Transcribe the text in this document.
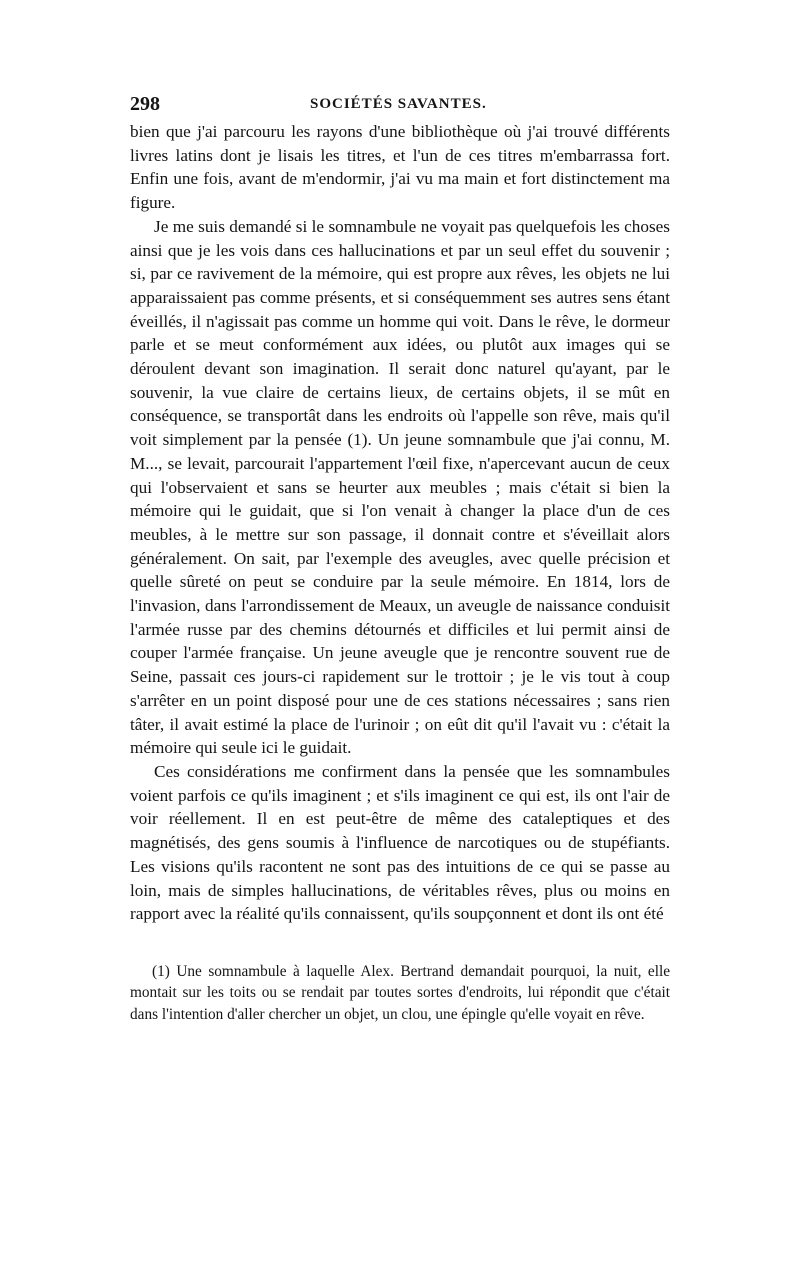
298	SOCIÉTÉS SAVANTES.

bien que j'ai parcouru les rayons d'une bibliothèque où j'ai trouvé différents livres latins dont je lisais les titres, et l'un de ces titres m'embarrassa fort. Enfin une fois, avant de m'endormir, j'ai vu ma main et fort distinctement ma figure.

Je me suis demandé si le somnambule ne voyait pas quelquefois les choses ainsi que je les vois dans ces hallucinations et par un seul effet du souvenir ; si, par ce ravivement de la mémoire, qui est propre aux rêves, les objets ne lui apparaissaient pas comme présents, et si conséquemment ses autres sens étant éveillés, il n'agissait pas comme un homme qui voit. Dans le rêve, le dormeur parle et se meut conformément aux idées, ou plutôt aux images qui se déroulent devant son imagination. Il serait donc naturel qu'ayant, par le souvenir, la vue claire de certains lieux, de certains objets, il se mût en conséquence, se transportât dans les endroits où l'appelle son rêve, mais qu'il voit simplement par la pensée (1). Un jeune somnambule que j'ai connu, M. M..., se levait, parcourait l'appartement l'œil fixe, n'apercevant aucun de ceux qui l'observaient et sans se heurter aux meubles ; mais c'était si bien la mémoire qui le guidait, que si l'on venait à changer la place d'un de ces meubles, à le mettre sur son passage, il donnait contre et s'éveillait alors généralement. On sait, par l'exemple des aveugles, avec quelle précision et quelle sûreté on peut se conduire par la seule mémoire. En 1814, lors de l'invasion, dans l'arrondissement de Meaux, un aveugle de naissance conduisit l'armée russe par des chemins détournés et difficiles et lui permit ainsi de couper l'armée française. Un jeune aveugle que je rencontre souvent rue de Seine, passait ces jours-ci rapidement sur le trottoir ; je le vis tout à coup s'arrêter en un point disposé pour une de ces stations nécessaires ; sans rien tâter, il avait estimé la place de l'urinoir ; on eût dit qu'il l'avait vu : c'était la mémoire qui seule ici le guidait.

Ces considérations me confirment dans la pensée que les somnambules voient parfois ce qu'ils imaginent ; et s'ils imaginent ce qui est, ils ont l'air de voir réellement. Il en est peut-être de même des cataleptiques et des magnétisés, des gens soumis à l'influence de narcotiques ou de stupéfiants. Les visions qu'ils racontent ne sont pas des intuitions de ce qui se passe au loin, mais de simples hallucinations, de véritables rêves, plus ou moins en rapport avec la réalité qu'ils connaissent, qu'ils soupçonnent et dont ils ont été

(1) Une somnambule à laquelle Alex. Bertrand demandait pourquoi, la nuit, elle montait sur les toits ou se rendait par toutes sortes d'endroits, lui répondit que c'était dans l'intention d'aller chercher un objet, un clou, une épingle qu'elle voyait en rêve.
